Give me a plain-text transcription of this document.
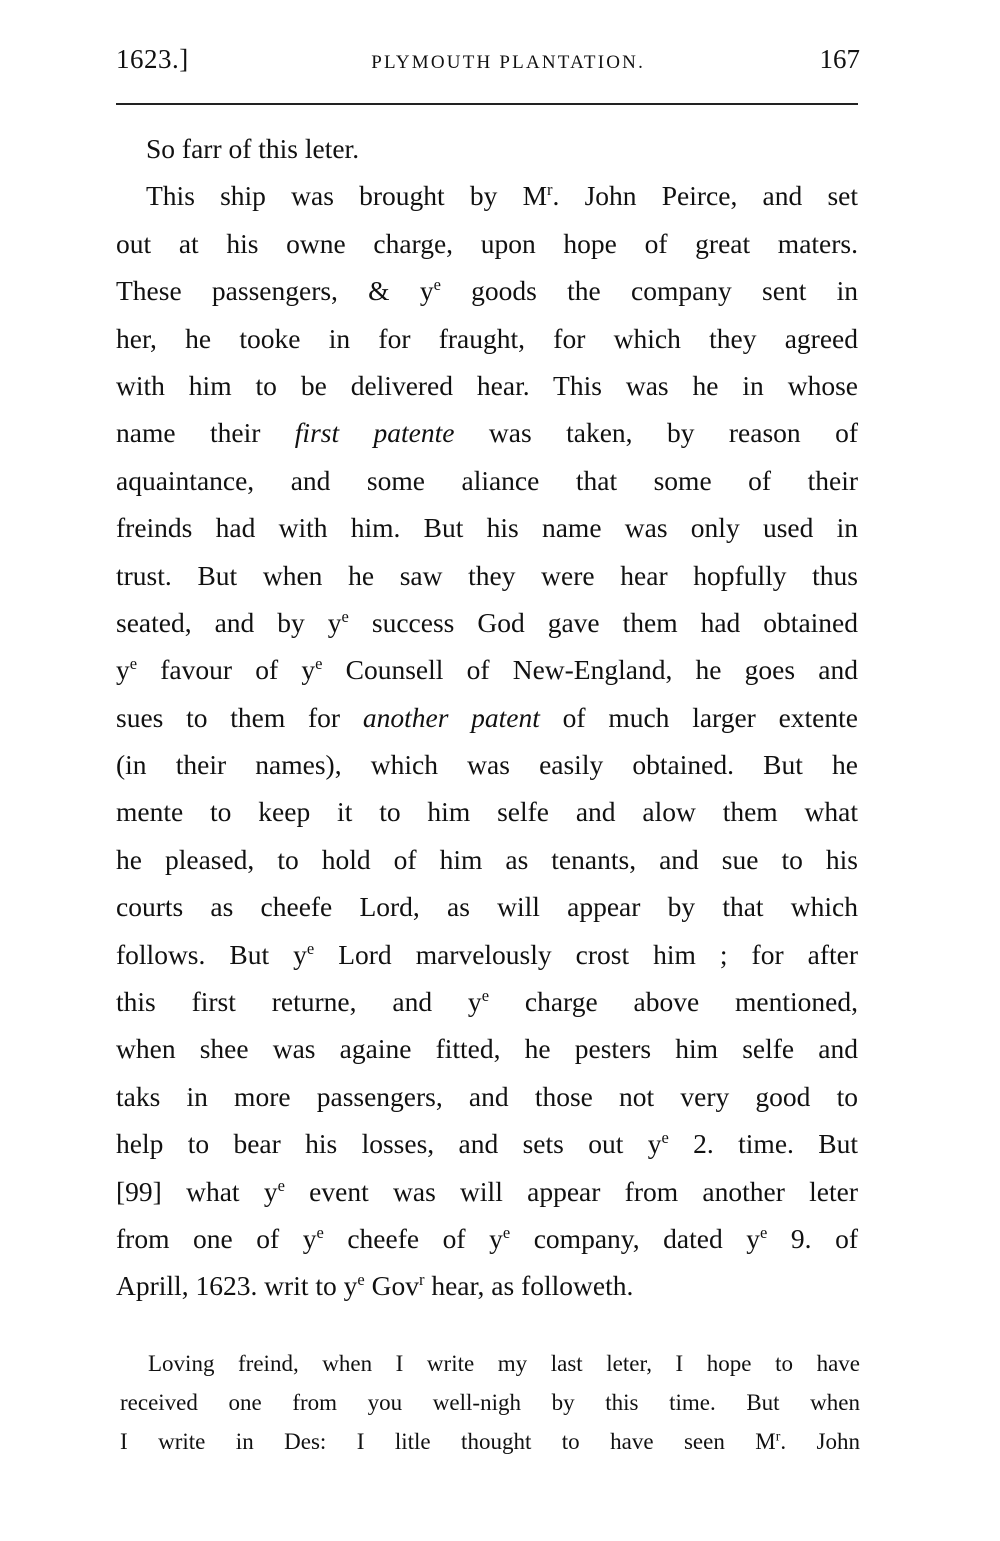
1623.]	PLYMOUTH PLANTATION.	167
So farr of this leter.
This ship was brought by $M^r$. John Peirce, and set
out at his owne charge, upon hope of great maters.
These passengers, & $y^e$ goods the company sent in
her, he tooke in for fraught, for which they agreed
with him to be delivered hear. This was he in whose
name their first patente was taken, by reason of
aquaintance, and some aliance that some of their
freinds had with him. But his name was only used in
trust. But when he saw they were hear hopfully thus
seated, and by $y^e$ success God gave them had obtained
$y^e$ favour of $y^e$ Counsell of New-England, he goes and
sues to them for another patent of much larger extente
(in their names), which was easily obtained. But he
mente to keep it to him selfe and alow them what
he pleased, to hold of him as tenants, and sue to his
courts as cheefe Lord, as will appear by that which
follows. But $y^e$ Lord marvelously crost him ; for after
this first returne, and $y^e$ charge above mentioned,
when shee was againe fitted, he pesters him selfe and
taks in more passengers, and those not very good to
help to bear his losses, and sets out $y^e$ 2. time. But
[99] what $y^e$ event was will appear from another leter
from one of $y^e$ cheefe of $y^e$ company, dated $y^e$ 9. of
Aprill, 1623. writ to $y^e$ Gov$^r$ hear, as followeth.
Loving freind, when I write my last leter, I hope to have
received one from you well-nigh by this time. But when
I write in Des: I litle thought to have seen $M^r$. John
